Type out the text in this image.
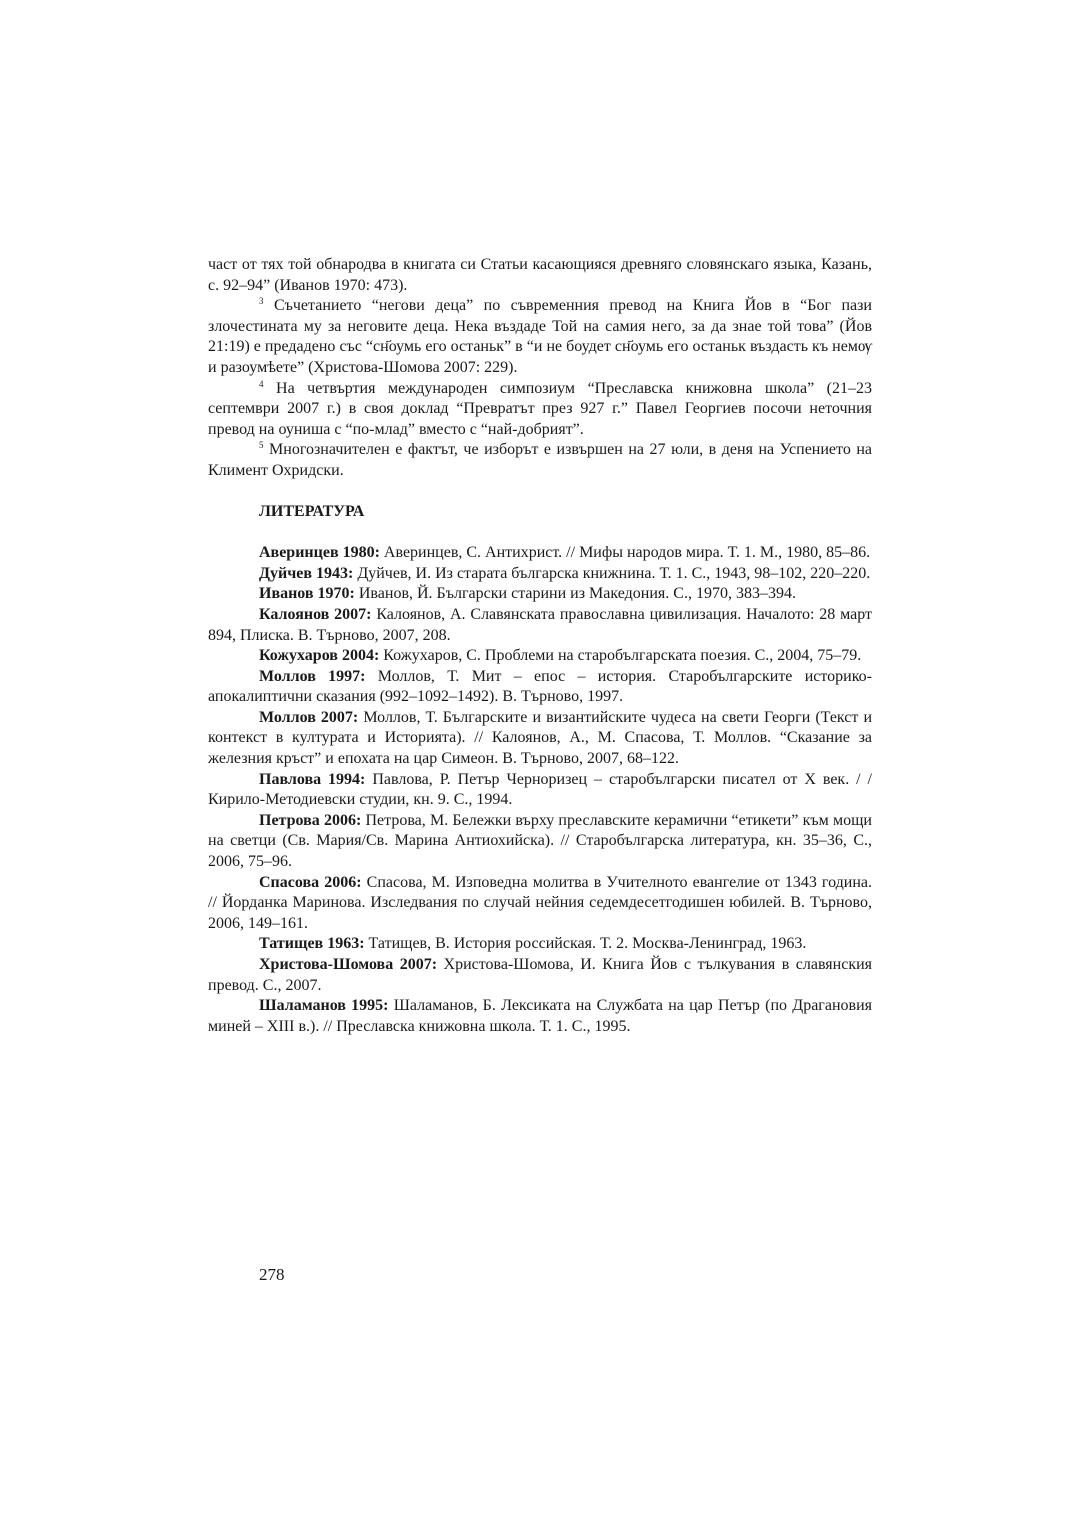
част от тях той обнародва в книгата си Статьи касающияся древняго словянскаго языка, Казань, с. 92–94” (Иванов 1970: 473).

$^3$ Съчетанието “негови деца” по съвременния превод на Книга Йов в “Бог пази злочестината му за неговите деца. Нека въздаде Той на самия него, за да знае той това” (Йов 21:19) е предадено със “сн҃оумь его останьк” в “и не боудет сн҃оумь его останьк въздасть къ немѹ и разоумѣете” (Христова-Шомова 2007: 229).

$^4$ На четвъртия международен симпозиум “Преславска книжовна школа” (21–23 септември 2007 г.) в своя доклад “Превратът през 927 г.” Павел Георгиев посочи неточния превод на оуниша с “по-млад” вместо с “най-добрият”.

$^5$ Многозначителен е фактът, че изборът е извършен на 27 юли, в деня на Успението на Климент Охридски.

ЛИТЕРАТУРА

Аверинцев 1980: Аверинцев, С. Антихрист. // Мифы народов мира. Т. 1. М., 1980, 85–86.

Дуйчев 1943: Дуйчев, И. Из старата българска книжнина. Т. 1. С., 1943, 98–102, 220–220.

Иванов 1970: Иванов, Й. Български старини из Македония. С., 1970, 383–394.

Калоянов 2007: Калоянов, А. Славянската православна цивилизация. Началото: 28 март 894, Плиска. В. Търново, 2007, 208.

Кожухаров 2004: Кожухаров, С. Проблеми на старобългарската поезия. С., 2004, 75–79.

Моллов 1997: Моллов, Т. Мит – епос – история. Старобългарските историко-апокалиптични сказания (992–1092–1492). В. Търново, 1997.

Моллов 2007: Моллов, Т. Българските и византийските чудеса на свети Георги (Текст и контекст в културата и Историята). // Калоянов, А., М. Спасова, Т. Моллов. “Сказание за железния кръст” и епохата на цар Симеон. В. Търново, 2007, 68–122.

Павлова 1994: Павлова, Р. Петър Черноризец – старобългарски писател от X век. / / Кирило-Методиевски студии, кн. 9. С., 1994.

Петрова 2006: Петрова, М. Бележки върху преславските керамични “етикети” към мощи на светци (Св. Мария/Св. Марина Антиохийска). // Старобългарска литература, кн. 35–36, С., 2006, 75–96.

Спасова 2006: Спасова, М. Изповедна молитва в Учителното евангелие от 1343 година. // Йорданка Маринова. Изследвания по случай нейния седемдесетгодишен юбилей. В. Търново, 2006, 149–161.

Татищев 1963: Татищев, В. История российская. Т. 2. Москва-Ленинград, 1963.

Христова-Шомова 2007: Христова-Шомова, И. Книга Йов с тълкувания в славянския превод. С., 2007.

Шаламанов 1995: Шаламанов, Б. Лексиката на Службата на цар Петър (по Драгановия миней – XIII в.). // Преславска книжовна школа. Т. 1. С., 1995.

278
